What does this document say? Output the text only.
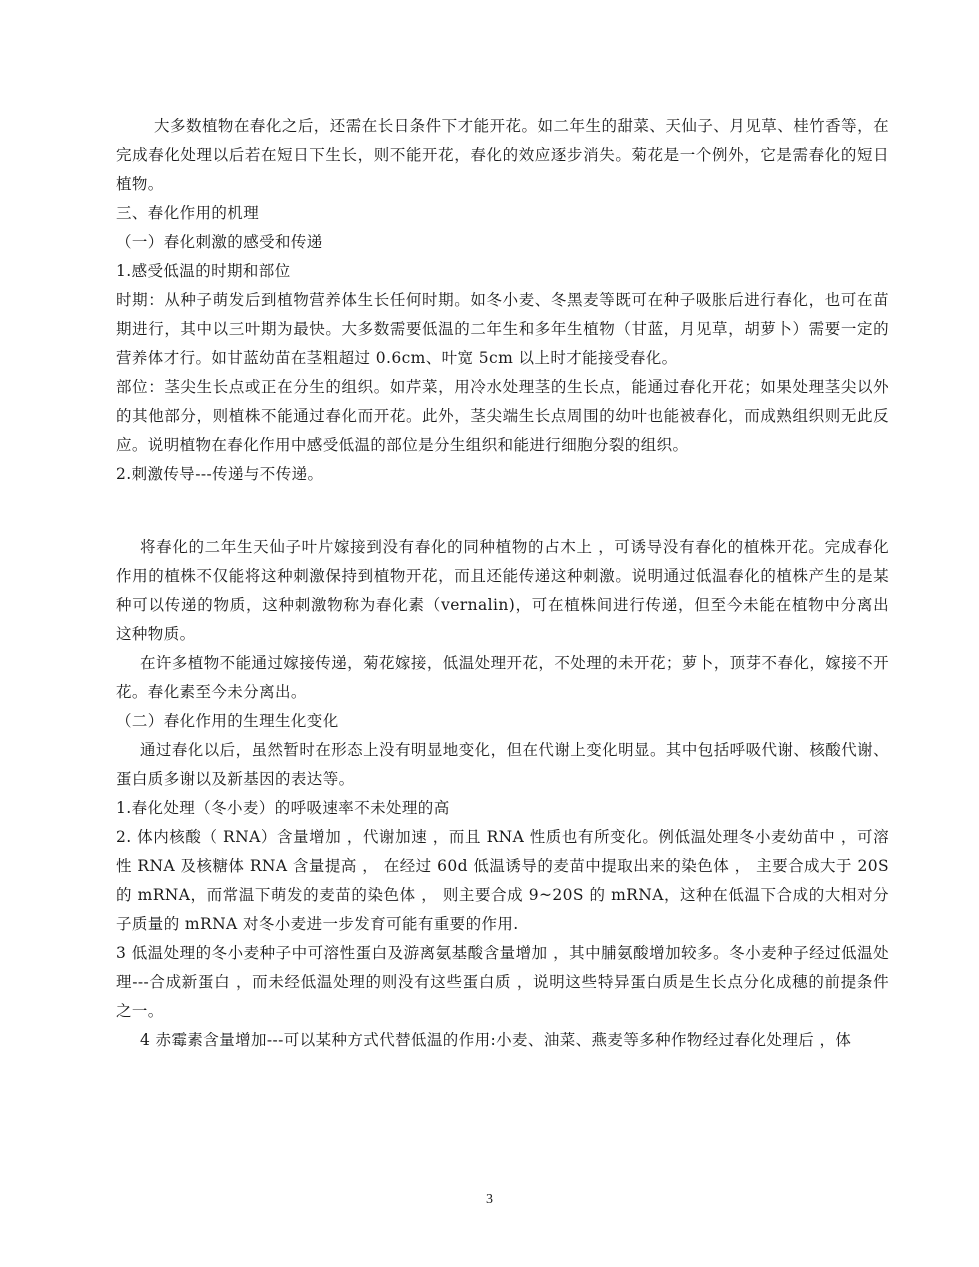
大多数植物在春化之后，还需在长日条件下才能开花。如二年生的甜菜、天仙子、月见草、桂竹香等，在完成春化处理以后若在短日下生长，则不能开花，春化的效应逐步消失。菊花是一个例外，它是需春化的短日植物。

三、春化作用的机理

（一）春化刺激的感受和传递

1.感受低温的时期和部位

时期：从种子萌发后到植物营养体生长任何时期。如冬小麦、冬黑麦等既可在种子吸胀后进行春化，也可在苗期进行，其中以三叶期为最快。大多数需要低温的二年生和多年生植物（甘蓝，月见草，胡萝卜）需要一定的营养体才行。如甘蓝幼苗在茎粗超过 0.6cm、叶宽 5cm 以上时才能接受春化。

部位：茎尖生长点或正在分生的组织。如芹菜，用冷水处理茎的生长点，能通过春化开花；如果处理茎尖以外的其他部分，则植株不能通过春化而开花。此外，茎尖端生长点周围的幼叶也能被春化，而成熟组织则无此反应。说明植物在春化作用中感受低温的部位是分生组织和能进行细胞分裂的组织。

2.刺激传导---传递与不传递。

将春化的二年生天仙子叶片嫁接到没有春化的同种植物的占木上 ，可诱导没有春化的植株开花。完成春化作用的植株不仅能将这种刺激保持到植物开花，而且还能传递这种刺激。说明通过低温春化的植株产生的是某种可以传递的物质，这种刺激物称为春化素（vernalin)，可在植株间进行传递，但至今未能在植物中分离出这种物质。

在许多植物不能通过嫁接传递，菊花嫁接，低温处理开花，不处理的未开花；萝卜，顶芽不春化，嫁接不开花。春化素至今未分离出。

（二）春化作用的生理生化变化

通过春化以后，虽然暂时在形态上没有明显地变化，但在代谢上变化明显。其中包括呼吸代谢、核酸代谢、蛋白质多谢以及新基因的表达等。

1.春化处理（冬小麦）的呼吸速率不未处理的高

2. 体内核酸（ RNA）含量增加 ，代谢加速 ，而且 RNA 性质也有所变化。例低温处理冬小麦幼苗中 ，可溶性 RNA 及核糖体 RNA 含量提高 ， 在经过 60d 低温诱导的麦苗中提取出来的染色体 ， 主要合成大于 20S 的 mRNA，而常温下萌发的麦苗的染色体 ， 则主要合成 9~20S 的 mRNA，这种在低温下合成的大相对分子质量的 mRNA 对冬小麦进一步发育可能有重要的作用.

3 低温处理的冬小麦种子中可溶性蛋白及游离氨基酸含量增加 ，其中脯氨酸增加较多。冬小麦种子经过低温处理---合成新蛋白 ，而未经低温处理的则没有这些蛋白质 ，说明这些特异蛋白质是生长点分化成穗的前提条件之一。

4 赤霉素含量增加---可以某种方式代替低温的作用:小麦、油菜、燕麦等多种作物经过春化处理后 ，体

3
